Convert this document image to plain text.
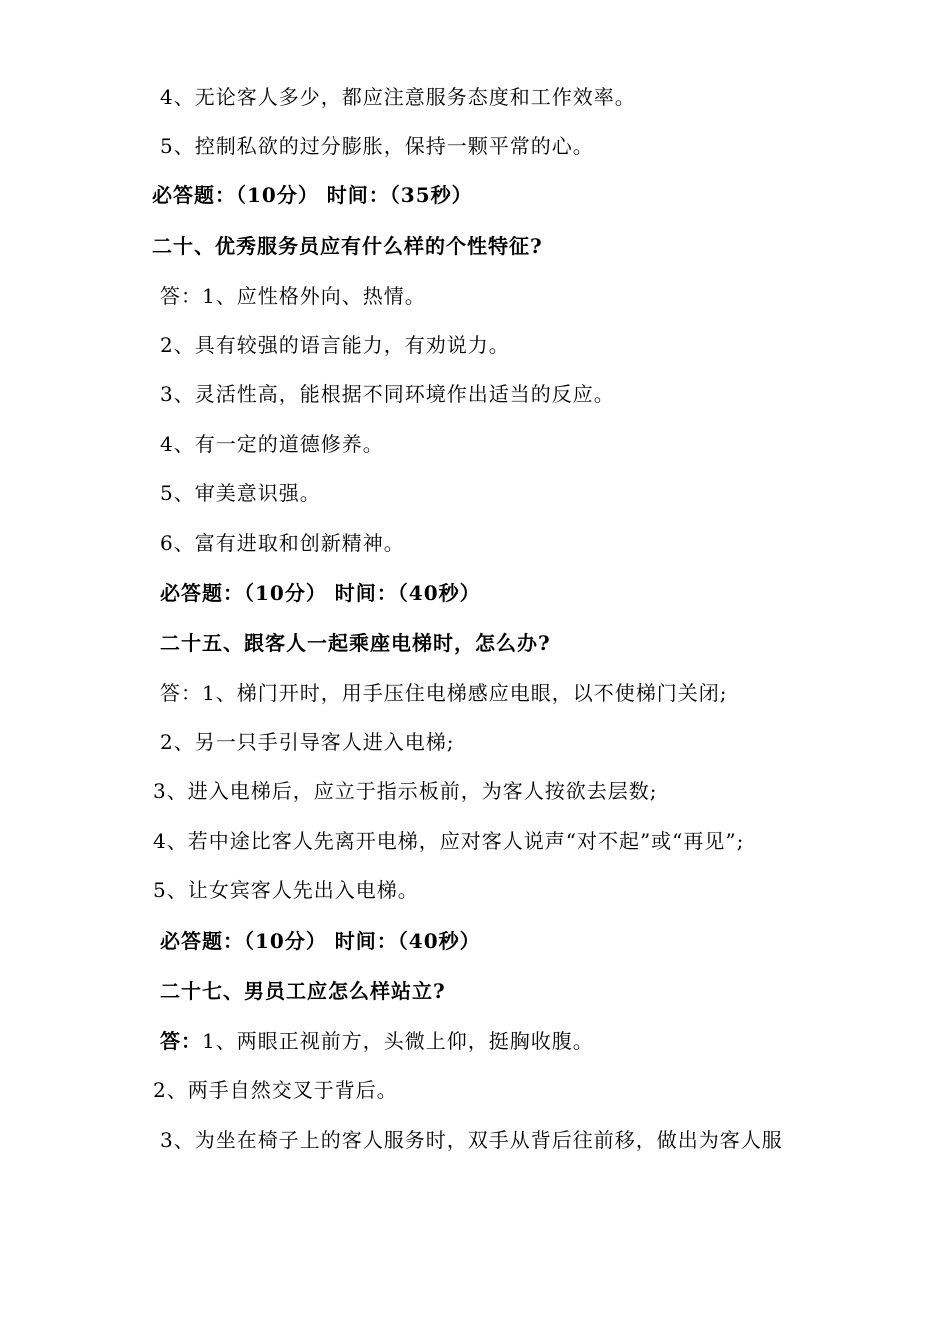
4、无论客人多少，都应注意服务态度和工作效率。
5、控制私欲的过分膨胀，保持一颗平常的心。
必答题：（10分） 时间：（35秒）
二十、优秀服务员应有什么样的个性特征?
答：1、应性格外向、热情。
2、具有较强的语言能力，有劝说力。
3、灵活性高，能根据不同环境作出适当的反应。
4、有一定的道德修养。
5、审美意识强。
6、富有进取和创新精神。
必答题：（10分） 时间：（40秒）
二十五、跟客人一起乘座电梯时，怎么办?
答：1、梯门开时，用手压住电梯感应电眼，以不使梯门关闭;
2、另一只手引导客人进入电梯;
3、进入电梯后，应立于指示板前，为客人按欲去层数;
4、若中途比客人先离开电梯，应对客人说声“对不起”或“再见”;
5、让女宾客人先出入电梯。
必答题：（10分） 时间：（40秒）
二十七、男员工应怎么样站立?
答：1、两眼正视前方，头微上仰，挺胸收腹。
2、两手自然交叉于背后。
3、为坐在椅子上的客人服务时，双手从背后往前移，做出为客人服
